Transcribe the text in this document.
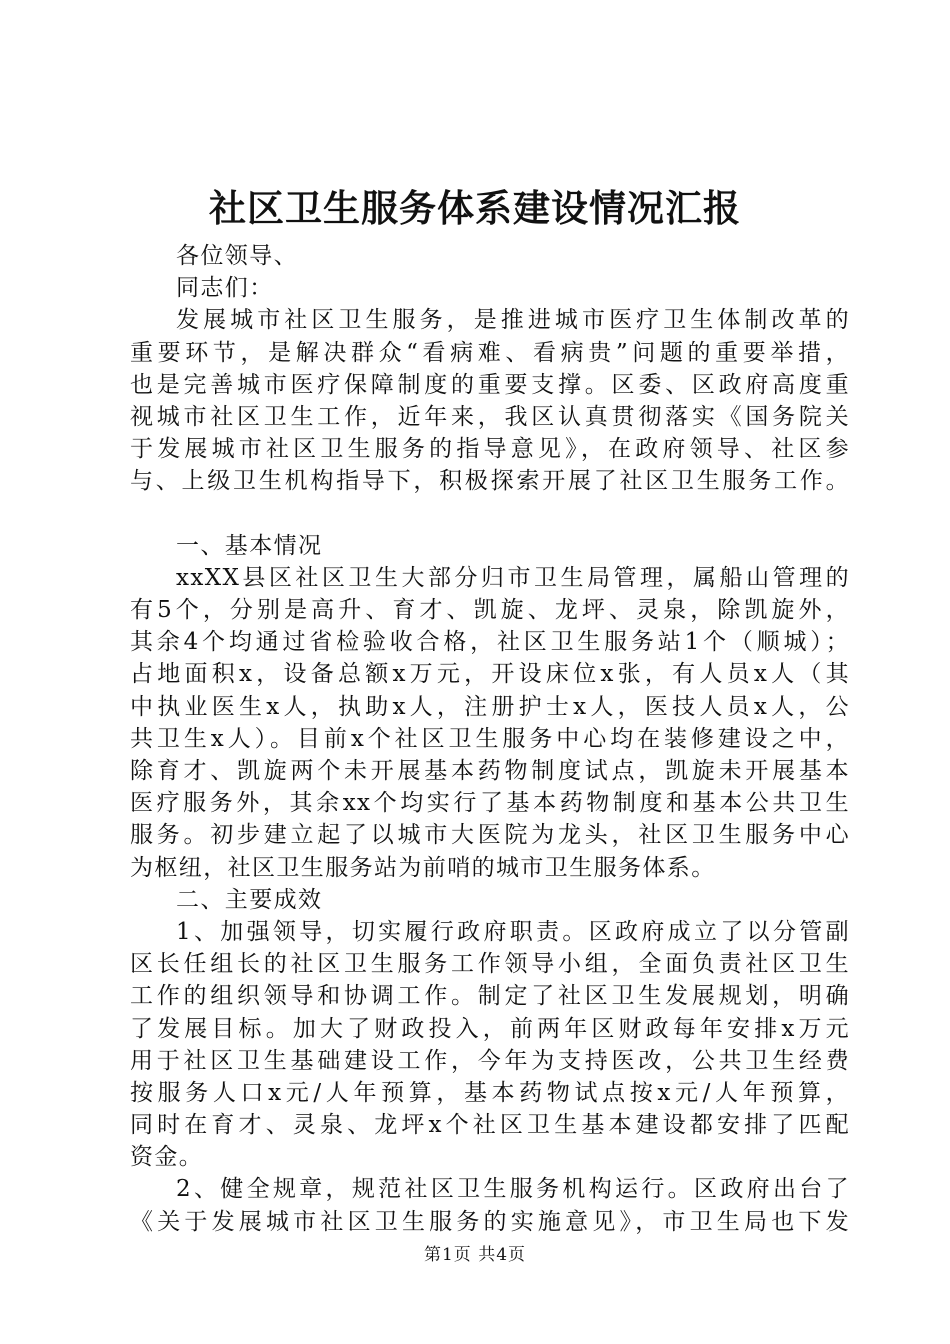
社区卫生服务体系建设情况汇报
各位领导、
同志们：
发展城市社区卫生服务，是推进城市医疗卫生体制改革的
重要环节，是解决群众“看病难、看病贵”问题的重要举措，
也是完善城市医疗保障制度的重要支撑。区委、区政府高度重
视城市社区卫生工作，近年来，我区认真贯彻落实《国务院关
于发展城市社区卫生服务的指导意见》，在政府领导、社区参
与、上级卫生机构指导下，积极探索开展了社区卫生服务工作。
一、基本情况
xxXX县区社区卫生大部分归市卫生局管理，属船山管理的
有5个，分别是高升、育才、凯旋、龙坪、灵泉，除凯旋外，
其余4个均通过省检验收合格，社区卫生服务站1个（顺城）；
占地面积x，设备总额x万元，开设床位x张，有人员x人（其
中执业医生x人，执助x人，注册护士x人，医技人员x人，公
共卫生x人）。目前x个社区卫生服务中心均在装修建设之中，
除育才、凯旋两个未开展基本药物制度试点，凯旋未开展基本
医疗服务外，其余xx个均实行了基本药物制度和基本公共卫生
服务。初步建立起了以城市大医院为龙头，社区卫生服务中心
为枢纽，社区卫生服务站为前哨的城市卫生服务体系。
二、主要成效
1、加强领导，切实履行政府职责。区政府成立了以分管副
区长任组长的社区卫生服务工作领导小组，全面负责社区卫生
工作的组织领导和协调工作。制定了社区卫生发展规划，明确
了发展目标。加大了财政投入，前两年区财政每年安排x万元
用于社区卫生基础建设工作，今年为支持医改，公共卫生经费
按服务人口x元/人年预算，基本药物试点按x元/人年预算，
同时在育才、灵泉、龙坪x个社区卫生基本建设都安排了匹配
资金。
2、健全规章，规范社区卫生服务机构运行。区政府出台了
《关于发展城市社区卫生服务的实施意见》，市卫生局也下发
第1页 共4页
